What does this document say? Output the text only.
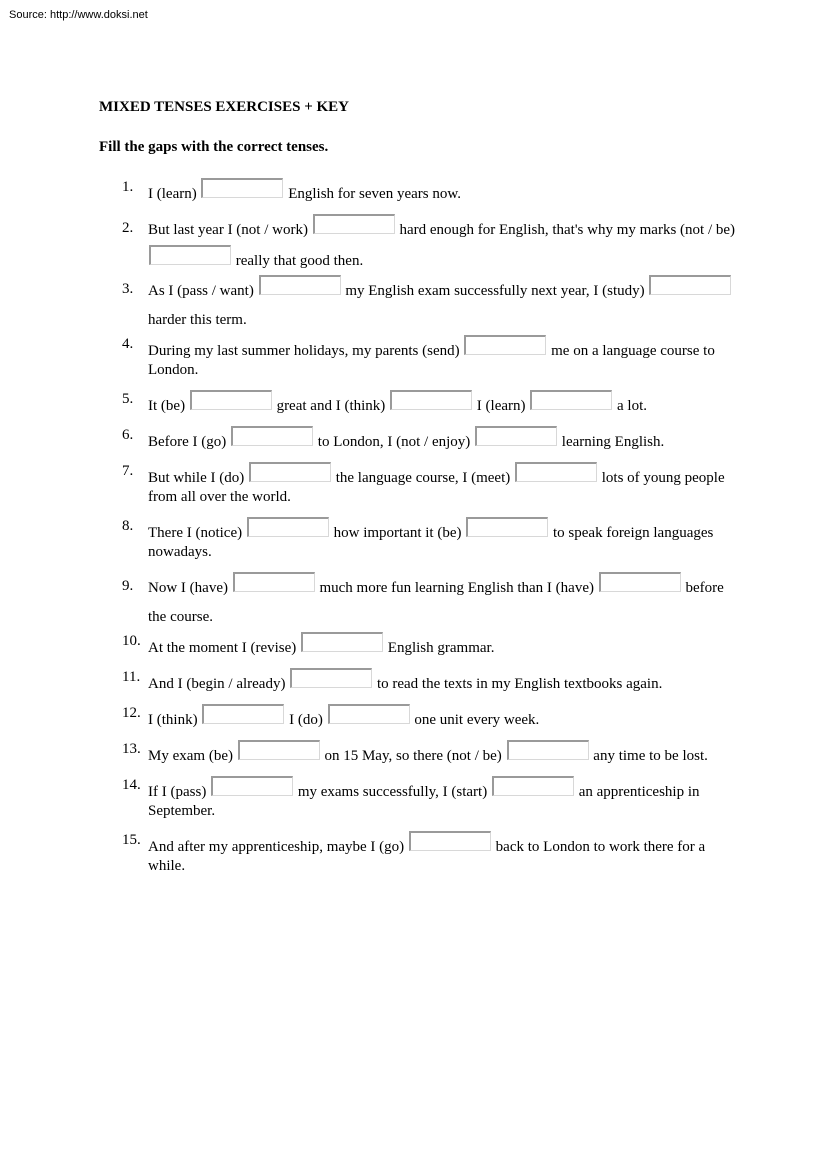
Source: http://www.doksi.net
MIXED TENSES EXERCISES + KEY

Fill the gaps with the correct tenses.

1. I (learn)	English for seven years now.
2. But last year I (not / work)	hard enough for English, that's why my marks (not / be)  really that good then.
3. As I (pass / want)	my English exam successfully next year, I (study)  harder this term.
4. During my last summer holidays, my parents (send)	me on a language course to London.
5. It (be)	great and I (think)	I (learn)	a lot.
6. Before I (go)	to London, I (not / enjoy)	learning English.
7. But while I (do)	the language course, I (meet)	lots of young people from all over the world.
8. There I (notice)	how important it (be)	to speak foreign languages nowadays.
9. Now I (have)	much more fun learning English than I (have)	before the course.
10. At the moment I (revise)	English grammar.
11. And I (begin / already)	to read the texts in my English textbooks again.
12. I (think)	I (do)	one unit every week.
13. My exam (be)	on 15 May, so there (not / be)	any time to be lost.
14. If I (pass)	my exams successfully, I (start)	an apprenticeship in September.
15. And after my apprenticeship, maybe I (go)	back to London to work there for a while.
